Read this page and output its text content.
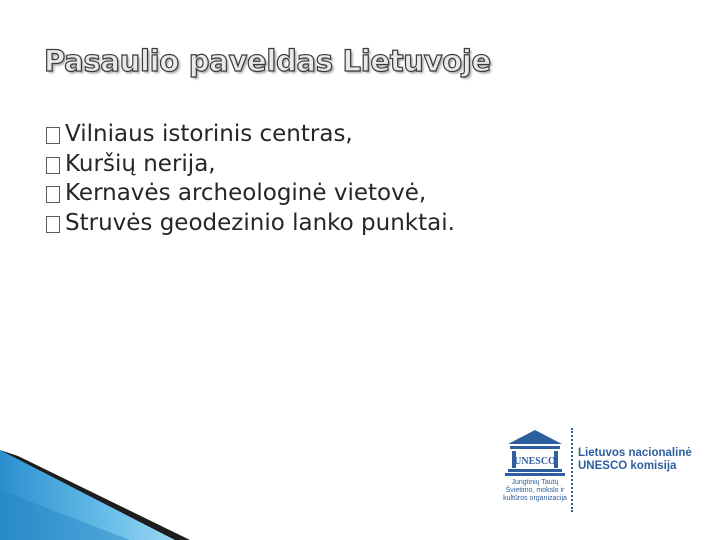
Pasaulio paveldas Lietuvoje
Vilniaus istorinis centras,
Kuršių nerija,
Kernavės archeologinė vietovė,
Struvės geodezinio lanko punktai.
UNESCO
Jungtinių Tautų
Švietimo, mokslo ir
kultūros organizacija
Lietuvos nacionalinė
UNESCO komisija
